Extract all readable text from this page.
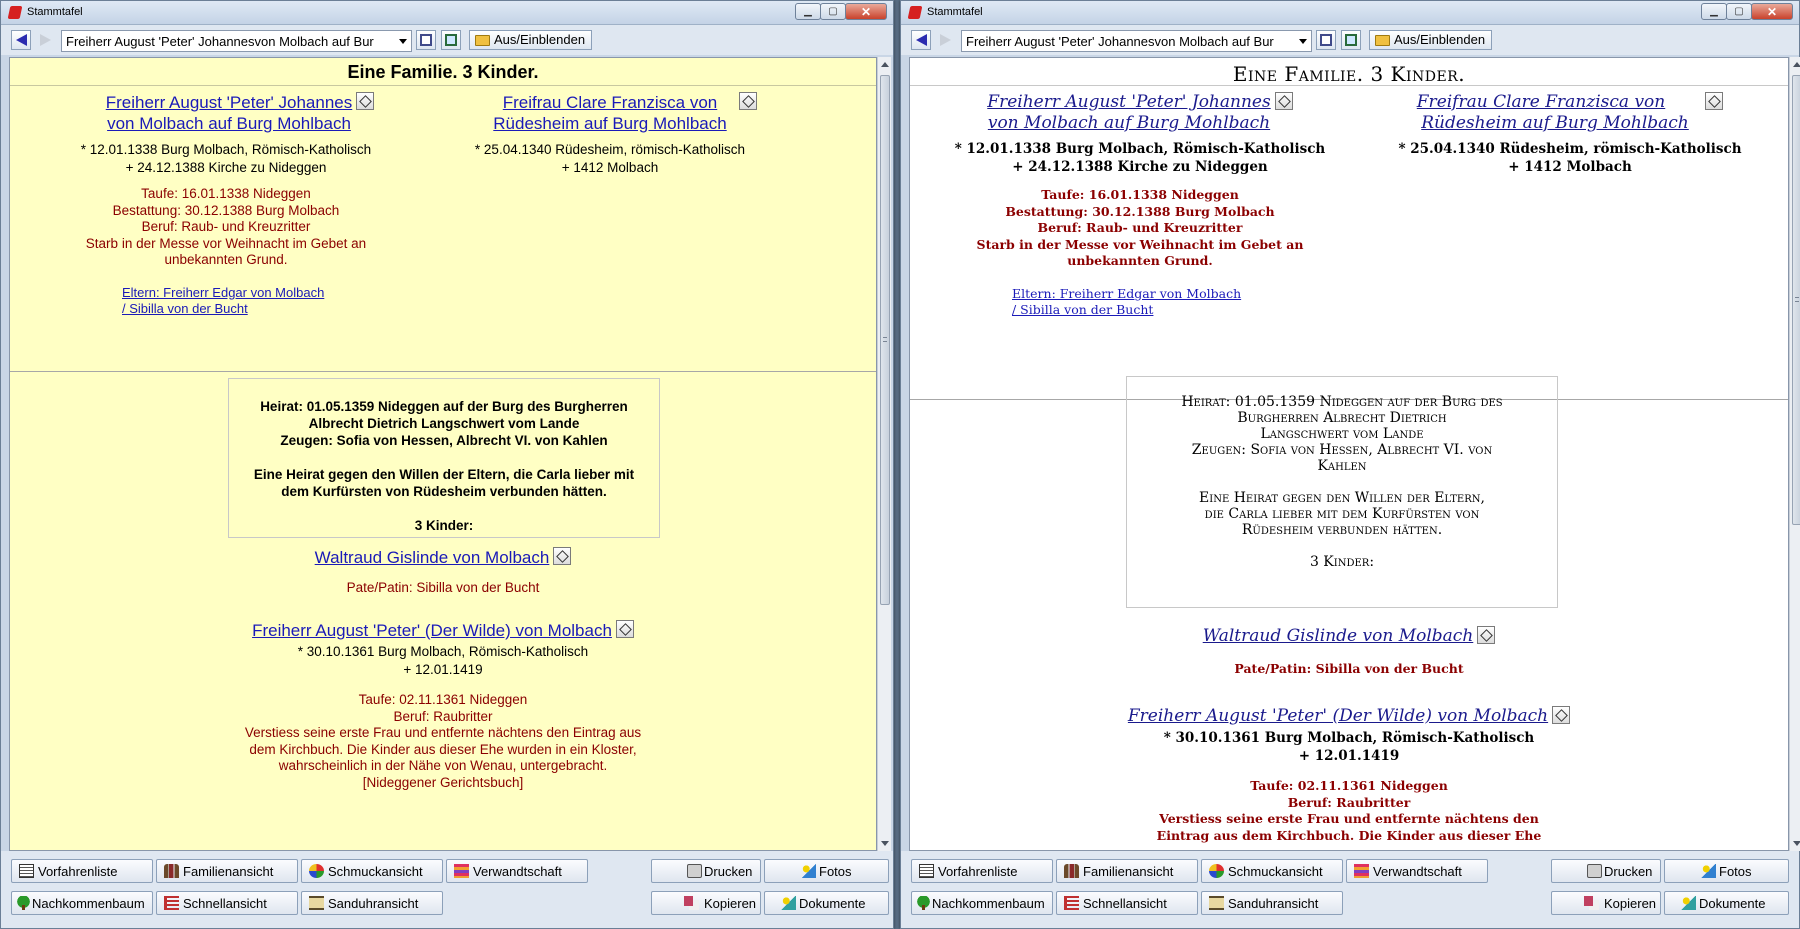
Stammtafel	▁	▢	✕
Freiherr August 'Peter' Johannesvon Molbach auf Bur	Aus/Einblenden
Eine Familie. 3 Kinder.
Freiherr August 'Peter' Johannes
von Molbach auf Burg Mohlbach
* 12.01.1338 Burg Molbach, Römisch-Katholisch
+ 24.12.1388 Kirche zu Nideggen
Taufe: 16.01.1338 Nideggen
Bestattung: 30.12.1388 Burg Molbach
Beruf: Raub- und Kreuzritter
Starb in der Messe vor Weihnacht im Gebet an
unbekannten Grund.
Eltern: Freiherr Edgar von Molbach
/ Sibilla von der Bucht
Freifrau Clare Franzisca von
Rüdesheim auf Burg Mohlbach
* 25.04.1340 Rüdesheim, römisch-Katholisch
+ 1412 Molbach
Heirat: 01.05.1359 Nideggen auf der Burg des Burgherren
Albrecht Dietrich Langschwert vom Lande
Zeugen: Sofia von Hessen, Albrecht VI. von Kahlen
Eine Heirat gegen den Willen der Eltern, die Carla lieber mit
dem Kurfürsten von Rüdesheim verbunden hätten.
3 Kinder:
Waltraud Gislinde von Molbach
Pate/Patin: Sibilla von der Bucht
Freiherr August 'Peter' (Der Wilde) von Molbach
* 30.10.1361 Burg Molbach, Römisch-Katholisch
+ 12.01.1419
Taufe: 02.11.1361 Nideggen
Beruf: Raubritter
Verstiess seine erste Frau und entfernte nächtens den Eintrag aus
dem Kirchbuch. Die Kinder aus dieser Ehe wurden in ein Kloster,
wahrscheinlich in der Nähe von Wenau, untergebracht.
[Nideggener Gerichtsbuch]
Vorfahrenliste	Familienansicht	Schmuckansicht	Verwandtschaft	Drucken	Fotos
Nachkommenbaum	Schnellansicht	Sanduhransicht	Kopieren	Dokumente
Stammtafel	▁	▢	✕
Freiherr August 'Peter' Johannesvon Molbach auf Bur	Aus/Einblenden
Eine Familie. 3 Kinder.
Freiherr August 'Peter' Johannes
von Molbach auf Burg Mohlbach
* 12.01.1338 Burg Molbach, Römisch-Katholisch
+ 24.12.1388 Kirche zu Nideggen
Taufe: 16.01.1338 Nideggen
Bestattung: 30.12.1388 Burg Molbach
Beruf: Raub- und Kreuzritter
Starb in der Messe vor Weihnacht im Gebet an
unbekannten Grund.
Eltern: Freiherr Edgar von Molbach
/ Sibilla von der Bucht
Freifrau Clare Franzisca von
Rüdesheim auf Burg Mohlbach
* 25.04.1340 Rüdesheim, römisch-Katholisch
+ 1412 Molbach
Heirat: 01.05.1359 Nideggen auf der Burg des
Burgherren Albrecht Dietrich
Langschwert vom Lande
Zeugen: Sofia von Hessen, Albrecht VI. von
Kahlen
Eine Heirat gegen den Willen der Eltern,
die Carla lieber mit dem Kurfürsten von
Rüdesheim verbunden hätten.
3 Kinder:
Waltraud Gislinde von Molbach
Pate/Patin: Sibilla von der Bucht
Freiherr August 'Peter' (Der Wilde) von Molbach
* 30.10.1361 Burg Molbach, Römisch-Katholisch
+ 12.01.1419
Taufe: 02.11.1361 Nideggen
Beruf: Raubritter
Verstiess seine erste Frau und entfernte nächtens den
Eintrag aus dem Kirchbuch. Die Kinder aus dieser Ehe
Vorfahrenliste	Familienansicht	Schmuckansicht	Verwandtschaft	Drucken	Fotos
Nachkommenbaum	Schnellansicht	Sanduhransicht	Kopieren	Dokumente
